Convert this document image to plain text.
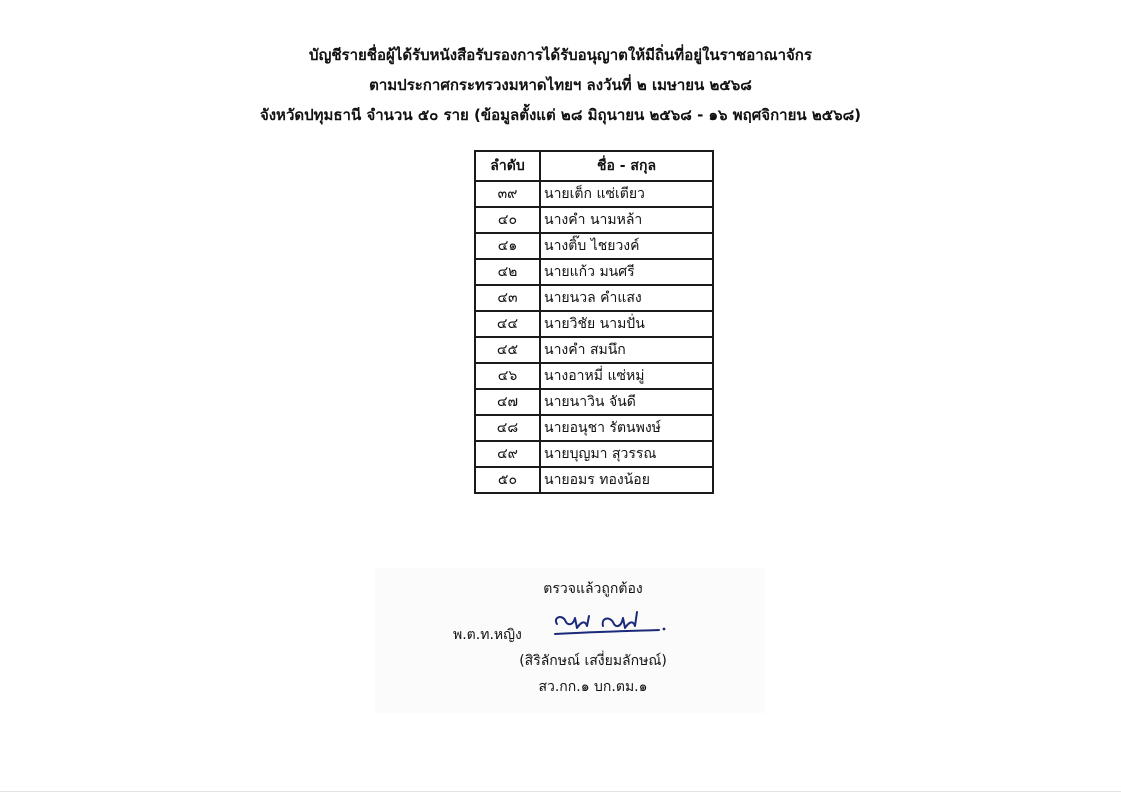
บัญชีรายชื่อผู้ได้รับหนังสือรับรองการได้รับอนุญาตให้มีถิ่นที่อยู่ในราชอาณาจักร
ตามประกาศกระทรวงมหาดไทยฯ ลงวันที่ ๒ เมษายน ๒๕๖๘
จังหวัดปทุมธานี จำนวน ๕๐ ราย (ข้อมูลตั้งแต่ ๒๘ มิถุนายน ๒๕๖๘ - ๑๖ พฤศจิกายน ๒๕๖๘)
ลำดับ	ชื่อ - สกุล
๓๙	นายเต็ก แซ่เตียว
๔๐	นางคำ นามหล้า
๔๑	นางติ๊บ ไชยวงค์
๔๒	นายแก้ว มนศรี
๔๓	นายนวล คำแสง
๔๔	นายวิชัย นามปั่น
๔๕	นางคำ สมนึก
๔๖	นางอาหมี่ แซ่หมู่
๔๗	นายนาวิน จันดี
๔๘	นายอนุชา รัตนพงษ์
๔๙	นายบุญมา สุวรรณ
๕๐	นายอมร ทองน้อย
ตรวจแล้วถูกต้อง
พ.ต.ท.หญิง
(สิริลักษณ์ เสงี่ยมลักษณ์)
สว.กก.๑ บก.ตม.๑
